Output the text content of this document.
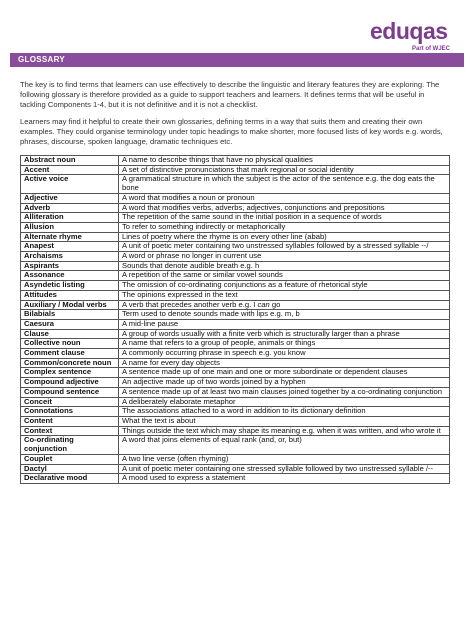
eduqas
Part of WJEC
GLOSSARY

The key is to find terms that learners can use effectively to describe the linguistic and literary features they are exploring. The following glossary is therefore provided as a guide to support teachers and learners. It defines terms that will be useful in tackling Components 1-4, but it is not definitive and it is not a checklist.

Learners may find it helpful to create their own glossaries, defining terms in a way that suits them and creating their own examples. They could organise terminology under topic headings to make shorter, more focused lists of key words e.g. words, phrases, discourse, spoken language, dramatic techniques etc.

Abstract noun	A name to describe things that have no physical qualities
Accent	A set of distinctive pronunciations that mark regional or social identity
Active voice	A grammatical structure in which the subject is the actor of the sentence e.g. the dog eats the bone
Adjective	A word that modifies a noun or pronoun
Adverb	A word that modifies verbs, adverbs, adjectives, conjunctions and prepositions
Alliteration	The repetition of the same sound in the initial position in a sequence of words
Allusion	To refer to something indirectly or metaphorically
Alternate rhyme	Lines of poetry where the rhyme is on every other line (abab)
Anapest	A unit of poetic meter containing two unstressed syllables followed by a stressed syllable --/
Archaisms	A word or phrase no longer in current use
Aspirants	Sounds that denote audible breath e.g. h
Assonance	A repetition of the same or similar vowel sounds
Asyndetic listing	The omission of co-ordinating conjunctions as a feature of rhetorical style
Attitudes	The opinions expressed in the text
Auxiliary / Modal verbs	A verb that precedes another verb e.g. I can go
Bilabials	Term used to denote sounds made with lips e.g. m, b
Caesura	A mid-line pause
Clause	A group of words usually with a finite verb which is structurally larger than a phrase
Collective noun	A name that refers to a group of people, animals or things
Comment clause	A commonly occurring phrase in speech e.g. you know
Common/concrete noun	A name for every day objects
Complex sentence	A sentence made up of one main and one or more subordinate or dependent clauses
Compound adjective	An adjective made up of two words joined by a hyphen
Compound sentence	A sentence made up of at least two main clauses joined together by a co-ordinating conjunction
Conceit	A deliberately elaborate metaphor
Connotations	The associations attached to a word in addition to its dictionary definition
Content	What the text is about
Context	Things outside the text which may shape its meaning e.g. when it was written, and who wrote it
Co-ordinating conjunction	A word that joins elements of equal rank (and, or, but)
Couplet	A two line verse (often rhyming)
Dactyl	A unit of poetic meter containing one stressed syllable followed by two unstressed syllable /--
Declarative mood	A mood used to express a statement
